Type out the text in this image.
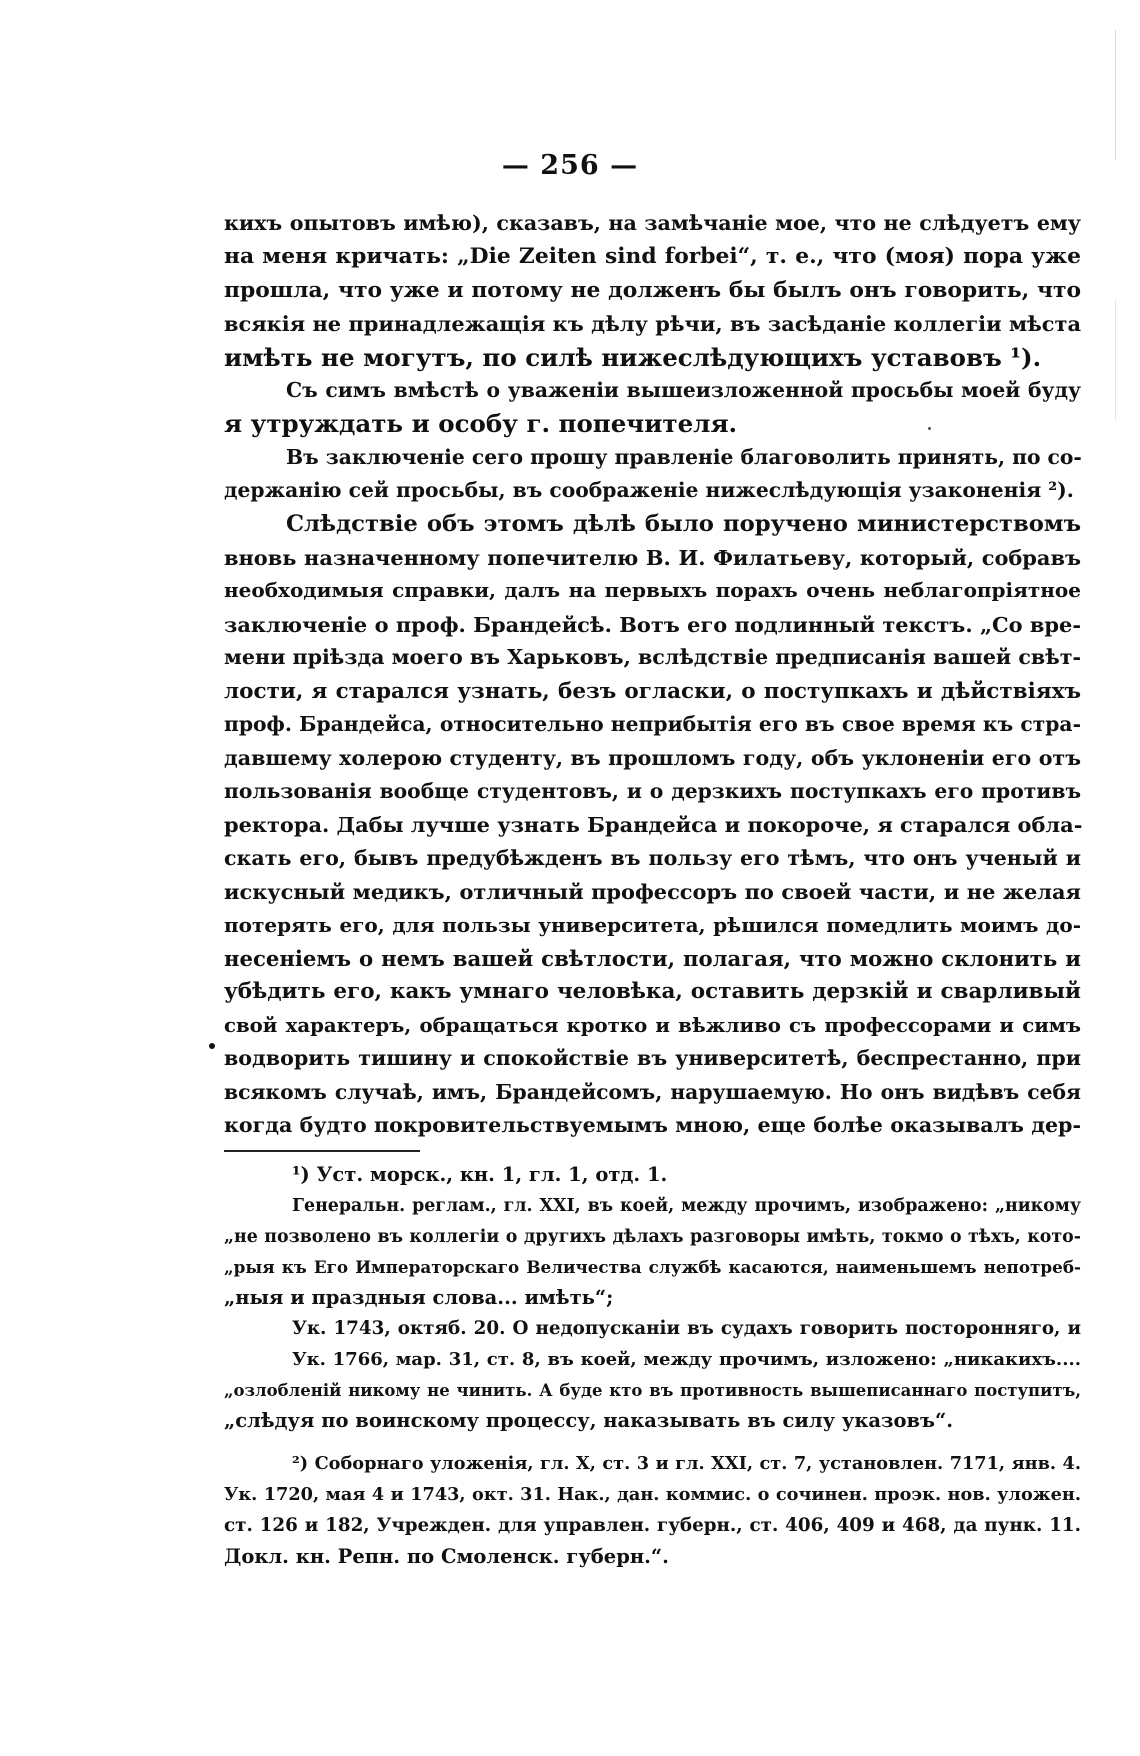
— 256 —
кихъ опытовъ имѣю), сказавъ, на замѣчаніе мое, что не слѣдуетъ ему
на меня кричать: „Die Zeiten sind forbei“, т. е., что (моя) пора уже
прошла, что уже и потому не долженъ бы былъ онъ говорить, что
всякія не принадлежащія къ дѣлу рѣчи, въ засѣданіе коллегіи мѣста
имѣть не могутъ, по силѣ нижеслѣдующихъ уставовъ ¹).
Съ симъ вмѣстѣ о уваженіи вышеизложенной просьбы моей буду
я утруждать и особу г. попечителя.
Въ заключеніе сего прошу правленіе благоволить принять, по со-
держанію сей просьбы, въ соображеніе нижеслѣдующія узаконенія ²).
Слѣдствіе объ этомъ дѣлѣ было поручено министерствомъ
вновь назначенному попечителю В. И. Филатьеву, который, собравъ
необходимыя справки, далъ на первыхъ порахъ очень неблагопріятное
заключеніе о проф. Брандейсѣ. Вотъ его подлинный текстъ. „Со вре-
мени пріѣзда моего въ Харьковъ, вслѣдствіе предписанія вашей свѣт-
лости, я старался узнать, безъ огласки, о поступкахъ и дѣйствіяхъ
проф. Брандейса, относительно неприбытія его въ свое время къ стра-
давшему холерою студенту, въ прошломъ году, объ уклоненіи его отъ
пользованія вообще студентовъ, и о дерзкихъ поступкахъ его противъ
ректора. Дабы лучше узнать Брандейса и покороче, я старался обла-
скать его, бывъ предубѣжденъ въ пользу его тѣмъ, что онъ ученый и
искусный медикъ, отличный профессоръ по своей части, и не желая
потерять его, для пользы университета, рѣшился помедлить моимъ до-
несеніемъ о немъ вашей свѣтлости, полагая, что можно склонить и
убѣдить его, какъ умнаго человѣка, оставить дерзкій и сварливый
свой характеръ, обращаться кротко и вѣжливо съ профессорами и симъ
водворить тишину и спокойствіе въ университетѣ, беспрестанно, при
всякомъ случаѣ, имъ, Брандейсомъ, нарушаемую. Но онъ видѣвъ себя
когда будто покровительствуемымъ мною, еще болѣе оказывалъ дер-
¹) Уст. морск., кн. 1, гл. 1, отд. 1.
Генеральн. реглам., гл. XXI, въ коей, между прочимъ, изображено: „никому
„не позволено въ коллегіи о другихъ дѣлахъ разговоры имѣть, токмо о тѣхъ, кото-
„рыя къ Его Императорскаго Величества службѣ касаются, наименьшемъ непотреб-
„ныя и праздныя слова... имѣть“;
Ук. 1743, октяб. 20. О недопусканіи въ судахъ говорить посторонняго, и
Ук. 1766, мар. 31, ст. 8, въ коей, между прочимъ, изложено: „никакихъ....
„озлобленій никому не чинить. А буде кто въ противность вышеписаннаго поступитъ,
„слѣдуя по воинскому процессу, наказывать въ силу указовъ“.
²) Соборнаго уложенія, гл. X, ст. 3 и гл. XXI, ст. 7, установлен. 7171, янв. 4.
Ук. 1720, мая 4 и 1743, окт. 31. Нак., дан. коммис. о сочинен. проэк. нов. уложен.
ст. 126 и 182, Учрежден. для управлен. губерн., ст. 406, 409 и 468, да пунк. 11.
Докл. кн. Репн. по Смоленск. губерн.“.
